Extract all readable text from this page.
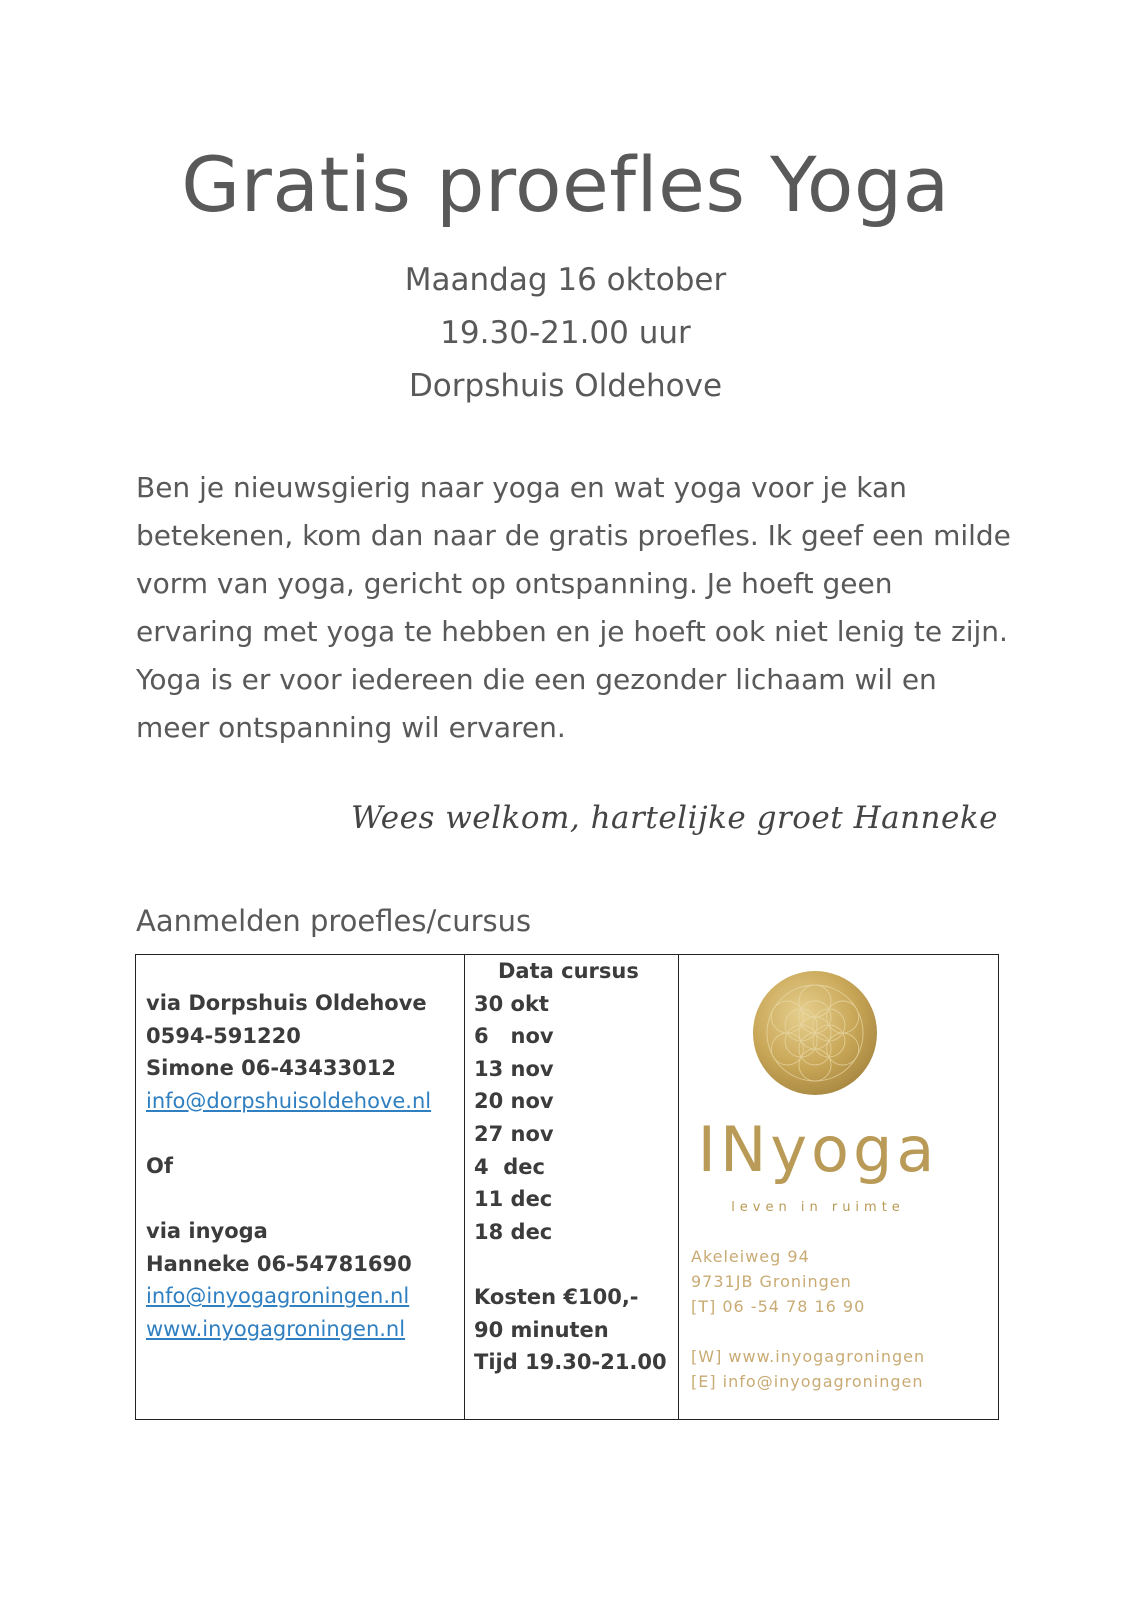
Gratis proefles Yoga
Maandag 16 oktober
19.30-21.00 uur
Dorpshuis Oldehove
Ben je nieuwsgierig naar yoga en wat yoga voor je kan
betekenen, kom dan naar de gratis proefles. Ik geef een milde
vorm van yoga, gericht op ontspanning. Je hoeft geen
ervaring met yoga te hebben en je hoeft ook niet lenig te zijn.
Yoga is er voor iedereen die een gezonder lichaam wil en
meer ontspanning wil ervaren.
Wees welkom, hartelijke groet Hanneke
Aanmelden proefles/cursus
via Dorpshuis Oldehove
0594-591220
Simone 06-43433012
info@dorpshuisoldehove.nl
Of
via inyoga
Hanneke 06-54781690
info@inyogagroningen.nl
www.inyogagroningen.nl
Data cursus
30 okt
6   nov
13 nov
20 nov
27 nov
4  dec
11 dec
18 dec
Kosten €100,-
90 minuten
Tijd 19.30-21.00
INyoga
leven in ruimte
Akeleiweg 94
9731JB Groningen
[T] 06 -54 78 16 90
[W] www.inyogagroningen
[E] info@inyogagroningen
